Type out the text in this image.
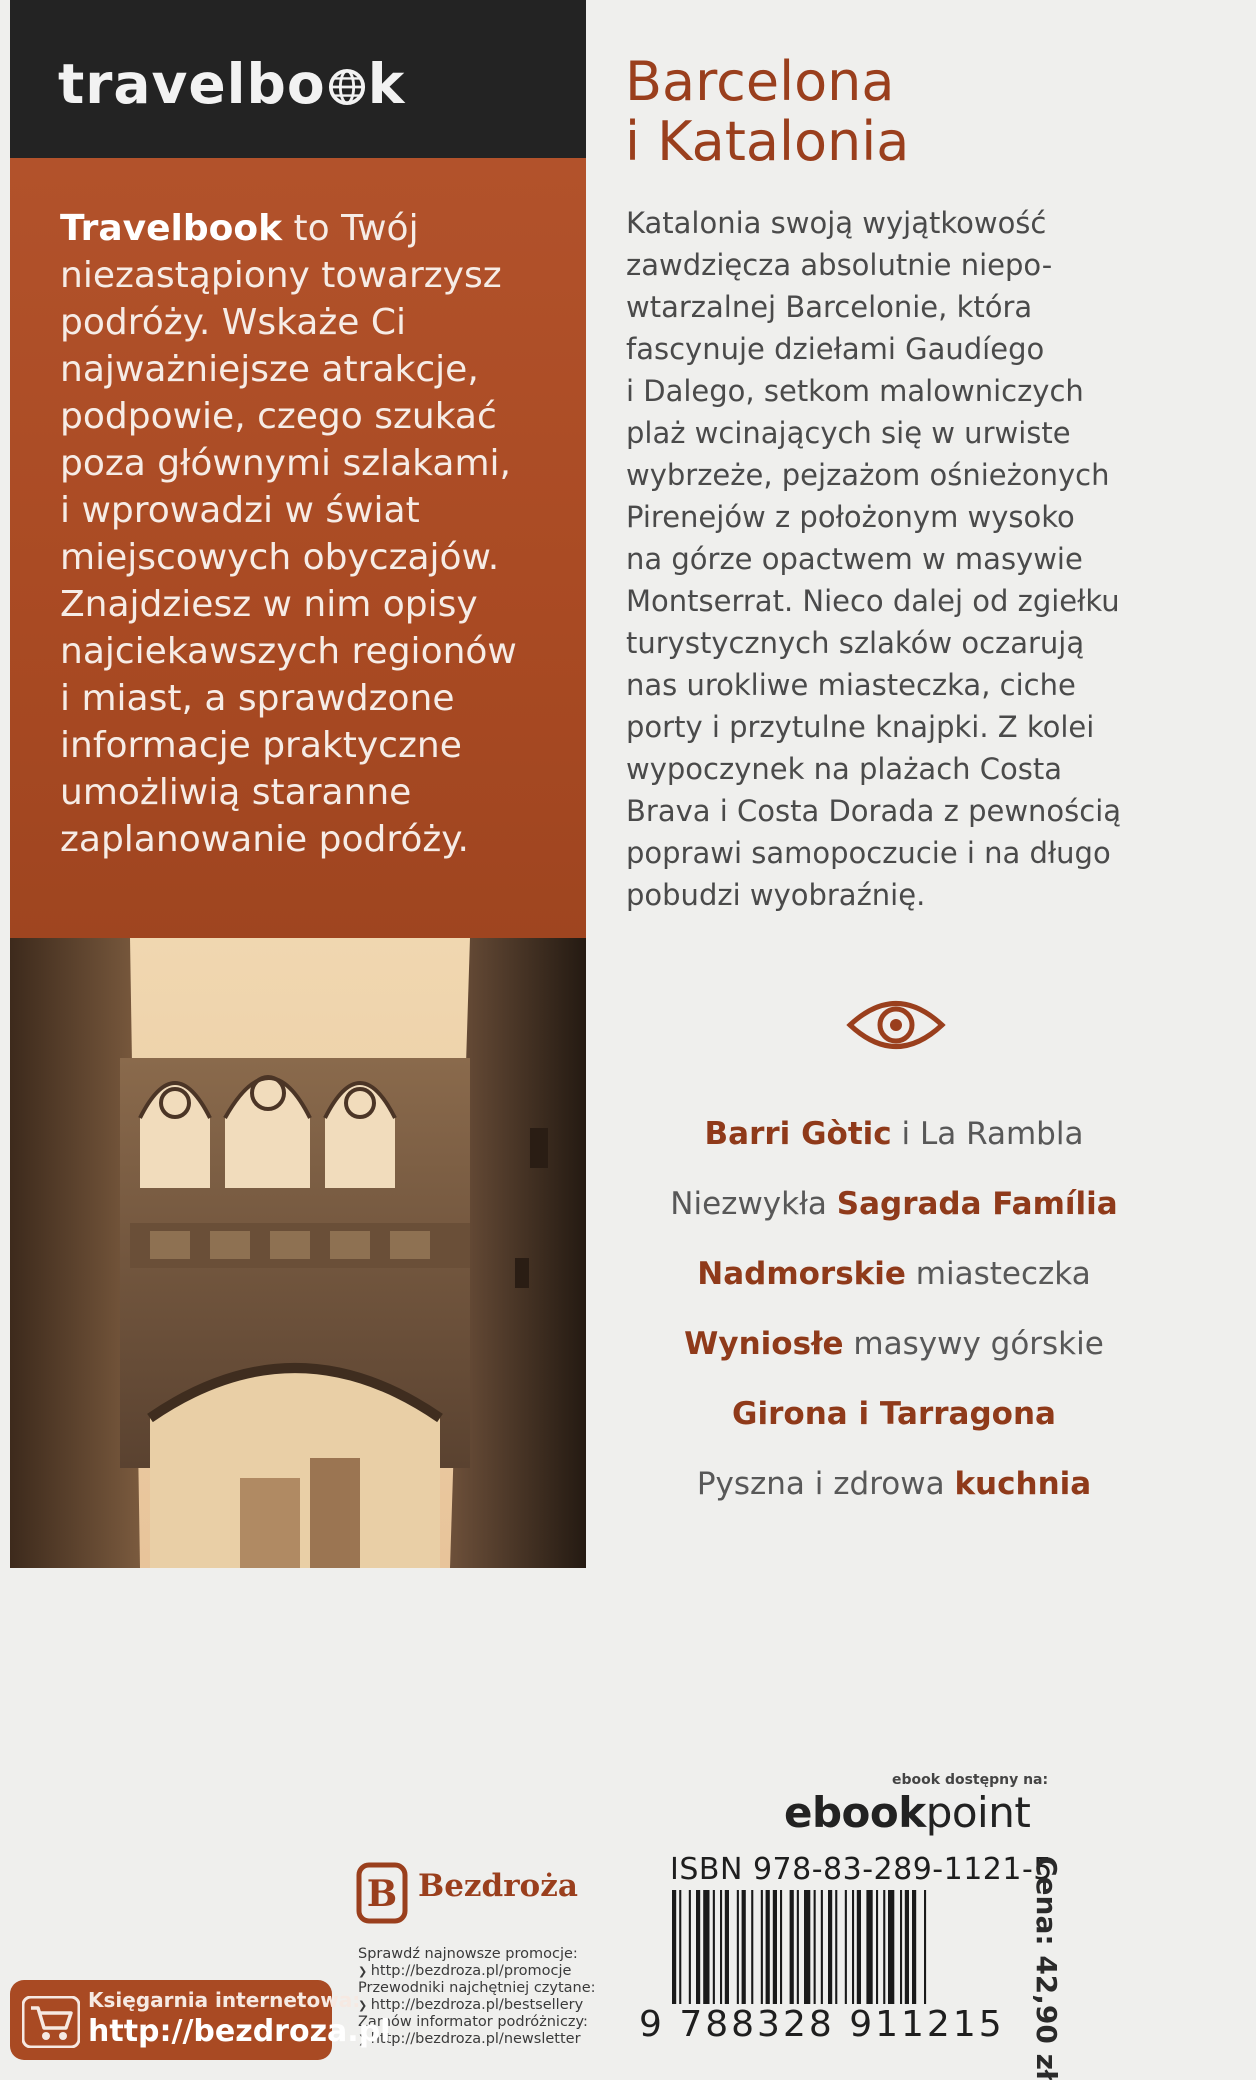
travelbo k
Travelbook to Twój
niezastąpiony towarzysz
podróży. Wskaże Ci
najważniejsze atrakcje,
podpowie, czego szukać
poza głównymi szlakami,
i wprowadzi w świat
miejscowych obyczajów.
Znajdziesz w nim opisy
najciekawszych regionów
i miast, a sprawdzone
informacje praktyczne
umożliwią staranne
zaplanowanie podróży.
Barcelona
i Katalonia
Katalonia swoją wyjątkowość
zawdzięcza absolutnie niepo-
wtarzalnej Barcelonie, która
fascynuje dziełami Gaudíego
i Dalego, setkom malowniczych
plaż wcinających się w urwiste
wybrzeże, pejzażom ośnieżonych
Pirenejów z położonym wysoko
na górze opactwem w masywie
Montserrat. Nieco dalej od zgiełku
turystycznych szlaków oczarują
nas urokliwe miasteczka, ciche
porty i przytulne knajpki. Z kolei
wypoczynek na plażach Costa
Brava i Costa Dorada z pewnością
poprawi samopoczucie i na długo
pobudzi wyobraźnię.
Barri Gòtic i La Rambla
Niezwykła Sagrada Família
Nadmorskie miasteczka
Wyniosłe masywy górskie
Girona i Tarragona
Pyszna i zdrowa kuchnia
ebook dostępny na:
ebookpoint
B Bezdroża
Sprawdź najnowsze promocje:
❯ http://bezdroza.pl/promocje
Przewodniki najchętniej czytane:
❯ http://bezdroza.pl/bestsellery
Zamów informator podróżniczy:
❯ http://bezdroza.pl/newsletter
Księgarnia internetowa:
http://bezdroza.pl
ISBN 978-83-289-1121-5
9 788328 911215 Cena: 42,90 zł
